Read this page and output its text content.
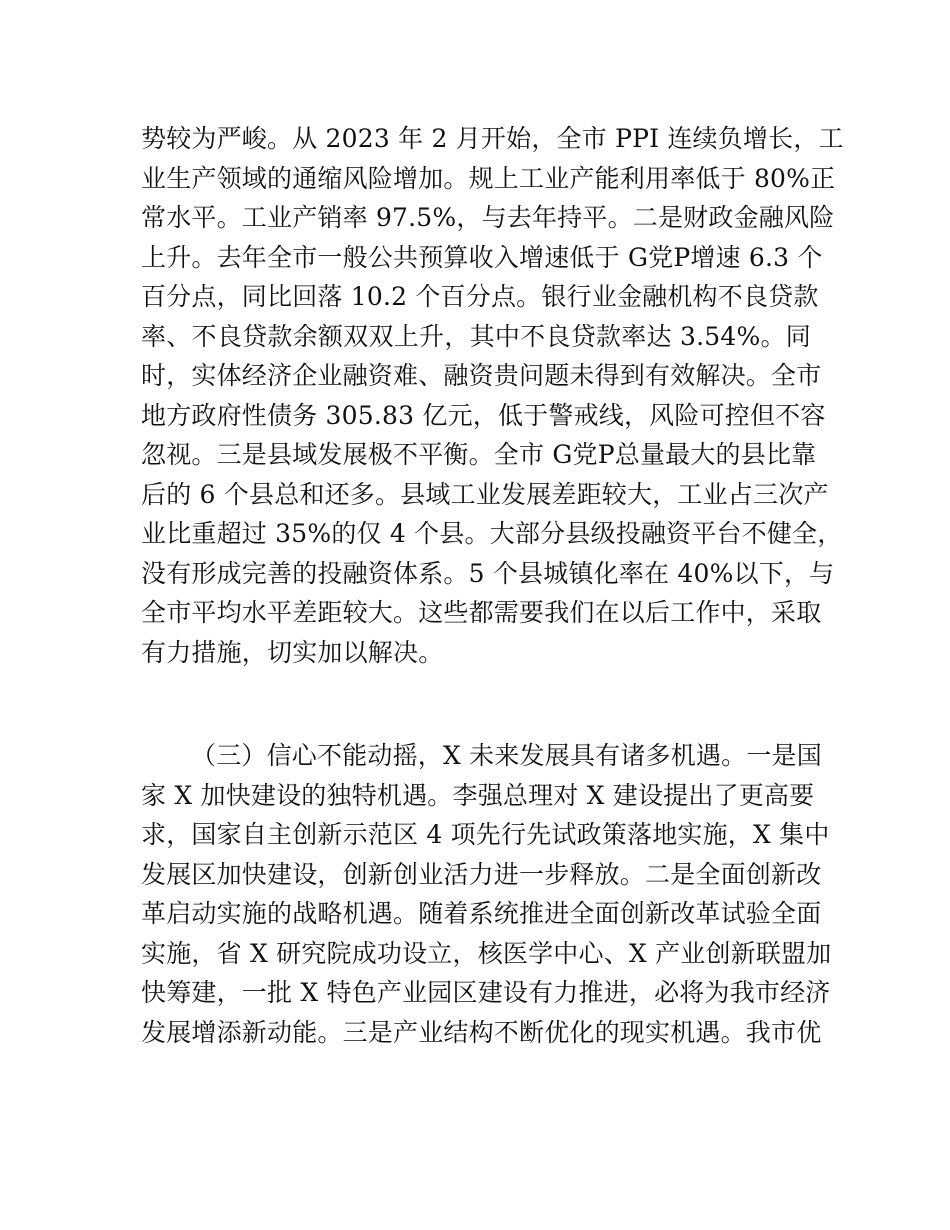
势较为严峻。从 2023 年 2 月开始，全市 PPI 连续负增长，工
业生产领域的通缩风险增加。规上工业产能利用率低于 80%正
常水平。工业产销率 97.5%，与去年持平。二是财政金融风险
上升。去年全市一般公共预算收入增速低于 G党P增速 6.3 个
百分点，同比回落 10.2 个百分点。银行业金融机构不良贷款
率、不良贷款余额双双上升，其中不良贷款率达 3.54%。同
时，实体经济企业融资难、融资贵问题未得到有效解决。全市
地方政府性债务 305.83 亿元，低于警戒线，风险可控但不容
忽视。三是县域发展极不平衡。全市 G党P总量最大的县比靠
后的 6 个县总和还多。县域工业发展差距较大，工业占三次产
业比重超过 35%的仅 4 个县。大部分县级投融资平台不健全，
没有形成完善的投融资体系。5 个县城镇化率在 40%以下，与
全市平均水平差距较大。这些都需要我们在以后工作中，采取
有力措施，切实加以解决。

（三）信心不能动摇，X 未来发展具有诸多机遇。一是国
家 X 加快建设的独特机遇。李强总理对 X 建设提出了更高要
求，国家自主创新示范区 4 项先行先试政策落地实施，X 集中
发展区加快建设，创新创业活力进一步释放。二是全面创新改
革启动实施的战略机遇。随着系统推进全面创新改革试验全面
实施，省 X 研究院成功设立，核医学中心、X 产业创新联盟加
快筹建，一批 X 特色产业园区建设有力推进，必将为我市经济
发展增添新动能。三是产业结构不断优化的现实机遇。我市优
